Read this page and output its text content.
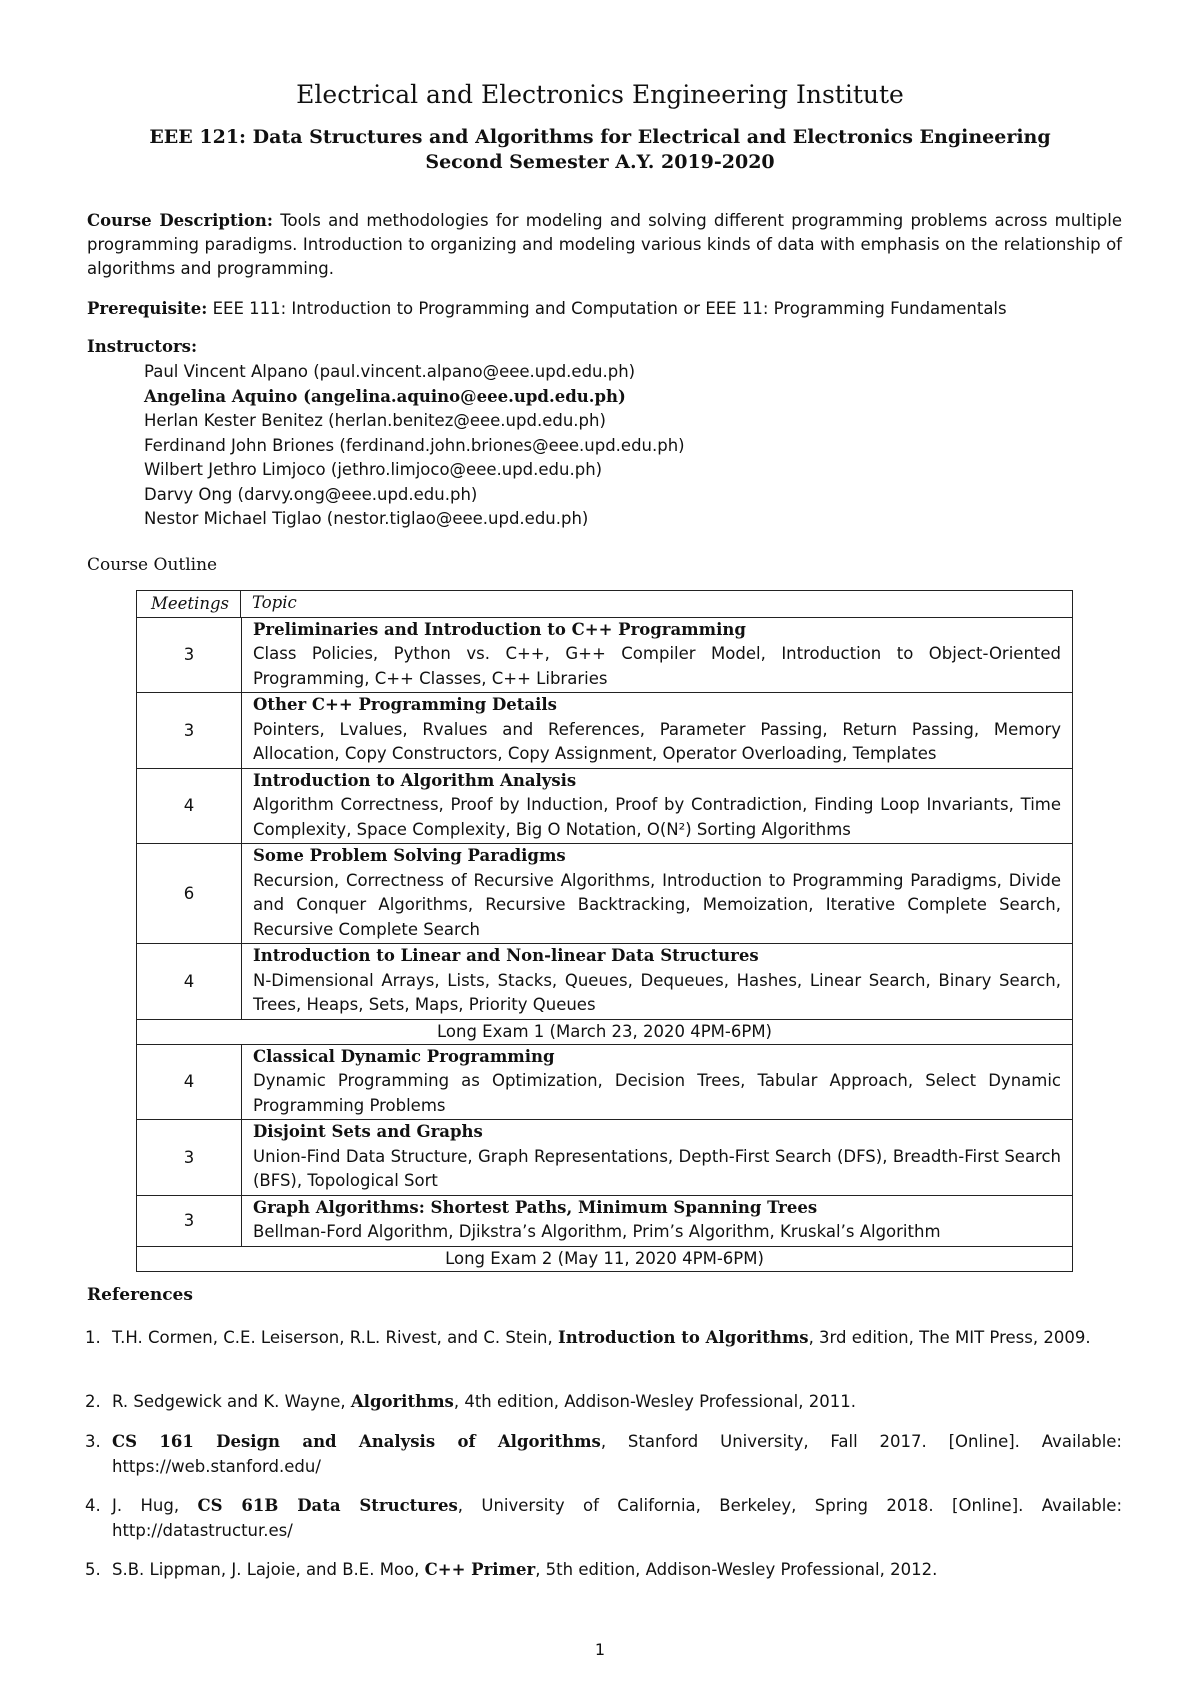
Electrical and Electronics Engineering Institute
EEE 121: Data Structures and Algorithms for Electrical and Electronics Engineering
Second Semester A.Y. 2019-2020
Course Description: Tools and methodologies for modeling and solving different programming problems across multiple programming paradigms. Introduction to organizing and modeling various kinds of data with emphasis on the relationship of algorithms and programming.
Prerequisite: EEE 111: Introduction to Programming and Computation or EEE 11: Programming Fundamentals
Instructors:
Paul Vincent Alpano (paul.vincent.alpano@eee.upd.edu.ph)
Angelina Aquino (angelina.aquino@eee.upd.edu.ph)
Herlan Kester Benitez (herlan.benitez@eee.upd.edu.ph)
Ferdinand John Briones (ferdinand.john.briones@eee.upd.edu.ph)
Wilbert Jethro Limjoco (jethro.limjoco@eee.upd.edu.ph)
Darvy Ong (darvy.ong@eee.upd.edu.ph)
Nestor Michael Tiglao (nestor.tiglao@eee.upd.edu.ph)
Course Outline
Meetings	Topic
3
Preliminaries and Introduction to C++ Programming
Class Policies, Python vs. C++, G++ Compiler Model, Introduction to Object-Oriented Programming, C++ Classes, C++ Libraries
3
Other C++ Programming Details
Pointers, Lvalues, Rvalues and References, Parameter Passing, Return Passing, Memory Allocation, Copy Constructors, Copy Assignment, Operator Overloading, Templates
4
Introduction to Algorithm Analysis
Algorithm Correctness, Proof by Induction, Proof by Contradiction, Finding Loop Invariants, Time Complexity, Space Complexity, Big O Notation, O(N²) Sorting Algorithms
6
Some Problem Solving Paradigms
Recursion, Correctness of Recursive Algorithms, Introduction to Programming Paradigms, Divide and Conquer Algorithms, Recursive Backtracking, Memoization, Iterative Complete Search, Recursive Complete Search
4
Introduction to Linear and Non-linear Data Structures
N-Dimensional Arrays, Lists, Stacks, Queues, Dequeues, Hashes, Linear Search, Binary Search, Trees, Heaps, Sets, Maps, Priority Queues
Long Exam 1 (March 23, 2020 4PM-6PM)
4
Classical Dynamic Programming
Dynamic Programming as Optimization, Decision Trees, Tabular Approach, Select Dynamic Programming Problems
3
Disjoint Sets and Graphs
Union-Find Data Structure, Graph Representations, Depth-First Search (DFS), Breadth-First Search (BFS), Topological Sort
3
Graph Algorithms: Shortest Paths, Minimum Spanning Trees
Bellman-Ford Algorithm, Djikstra’s Algorithm, Prim’s Algorithm, Kruskal’s Algorithm
Long Exam 2 (May 11, 2020 4PM-6PM)
References
1. T.H. Cormen, C.E. Leiserson, R.L. Rivest, and C. Stein, Introduction to Algorithms, 3rd edition, The MIT Press, 2009.
2. R. Sedgewick and K. Wayne, Algorithms, 4th edition, Addison-Wesley Professional, 2011.
3. CS 161 Design and Analysis of Algorithms, Stanford University, Fall 2017. [Online]. Available: https://web.stanford.edu/
4. J. Hug, CS 61B Data Structures, University of California, Berkeley, Spring 2018. [Online]. Available: http://datastructur.es/
5. S.B. Lippman, J. Lajoie, and B.E. Moo, C++ Primer, 5th edition, Addison-Wesley Professional, 2012.
1
